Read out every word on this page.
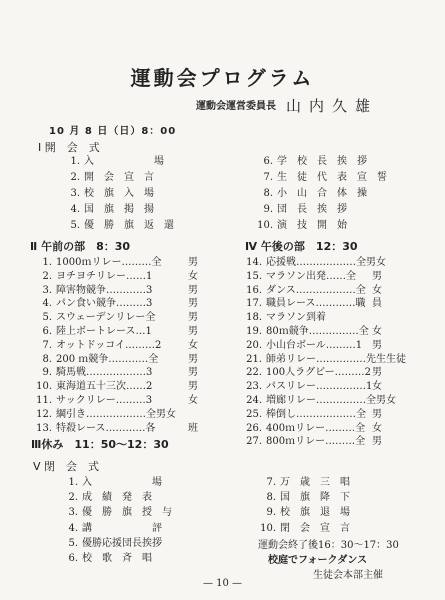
運動会プログラム
運動会運営委員長 山内久雄
10 月 8 日（日）8：00
Ⅰ 開　会　式
1. 入　　　　　　場
2. 開　会　宣　言
3. 校　旗　入　場
4. 国　旗　掲　揚
5. 優　勝　旗　返　還
6. 学　校　長　挨　拶
7. 生　徒　代　表　宣　誓
8. 小　山　合　体　操
9. 団　長　挨　拶
10. 演　技　開　始
Ⅱ 午前の部　8：30
1. 1000ｍリレー………全	男
2. ヨチヨチリレー……1	女
3. 障害物競争…………3	男
4. パン食い競争………3	男
5. スウェーデンリレー全	男
6. 陸上ボートレース…1	男
7. オットドッコイ………2	女
8. 200 ｍ競争…………全	男
9. 騎馬戦………………3	男
10. 東海道五十三次……2	男
11. サックリレー………3	女
12. 綱引き………………全男女
13. 特殺レース…………各	班
Ⅲ休み　11：50～12：30
Ⅳ 午後の部　12：30
14. 応援戦………………全男女
15. マラソン出発……全 男
16. ダンス………………全 女
17. 職員レース…………職 員
18. マラソン到着
19. 80ｍ競争……………全 女
20. 小山台ボール………1 男
21. 師弟リレー……………先生生徒
22. 100人ラグビー………2 男
23. パスリレー……………1 女
24. 増廊リレー……………全男女
25. 棒倒し………………全 男
26. 400ｍリレー………全 女
27. 800ｍリレー………全 男
Ⅴ 閉　会　式
1. 入　　　　　　場
2. 成　績　発　表
3. 優　勝　旗　授　与
4. 講　　　　　　評
5. 優勝応援団長挨拶
6. 校　歌　斉　唱
7. 万　歳　三　唱
8. 国　旗　降　下
9. 校　旗　退　場
10. 閉　会　宣　言
運動会終了後16：30～17：30
校庭でフォークダンス
生徒会本部主催
— 10 —
